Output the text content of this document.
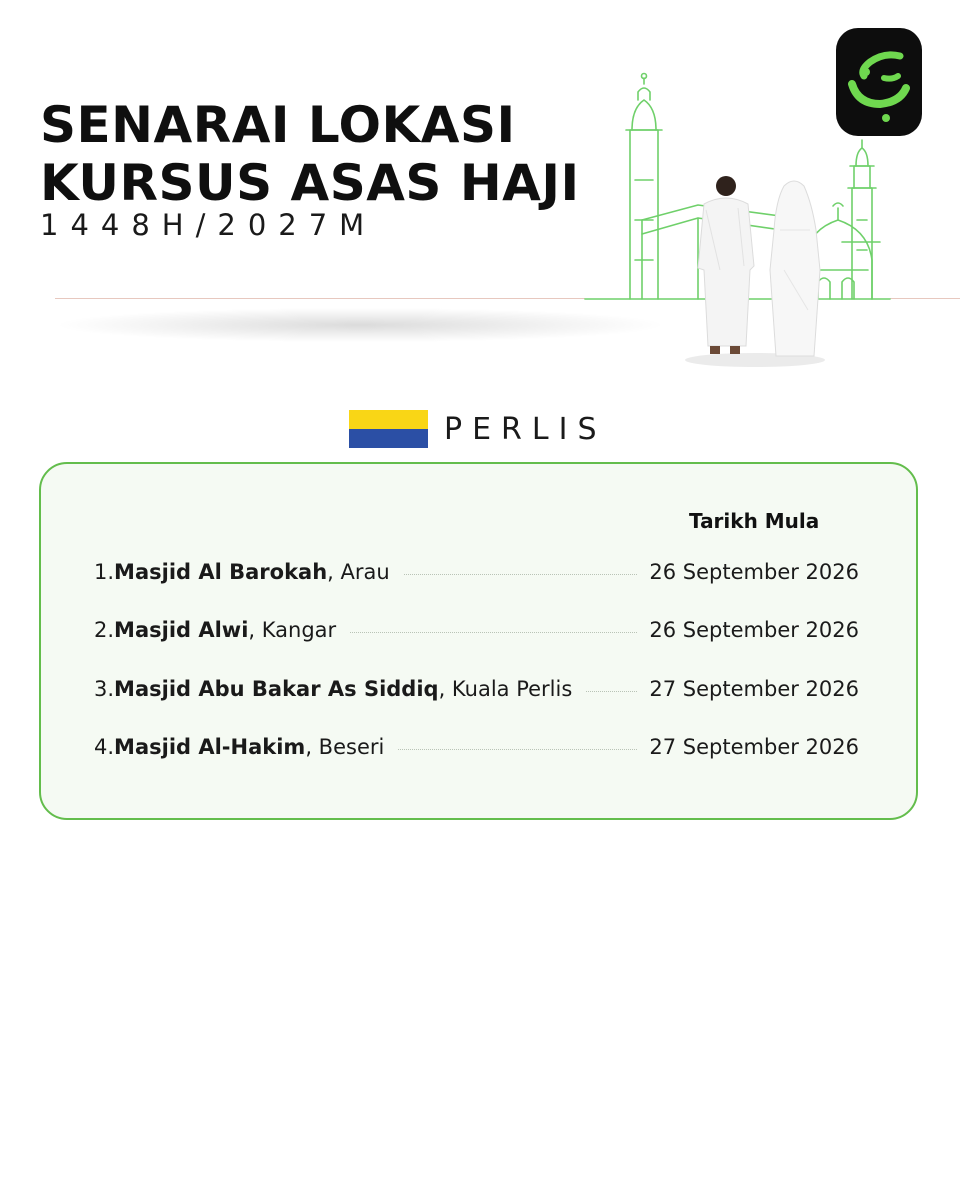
SENARAI LOKASI
KURSUS ASAS HAJI

1448H/2027M

PERLIS
Tarikh Mula
1. Masjid Al Barokah , Arau	26 September 2026
2. Masjid Alwi , Kangar	26 September 2026
3. Masjid Abu Bakar As Siddiq , Kuala Perlis	27 September 2026
4. Masjid Al-Hakim , Beseri	27 September 2026
